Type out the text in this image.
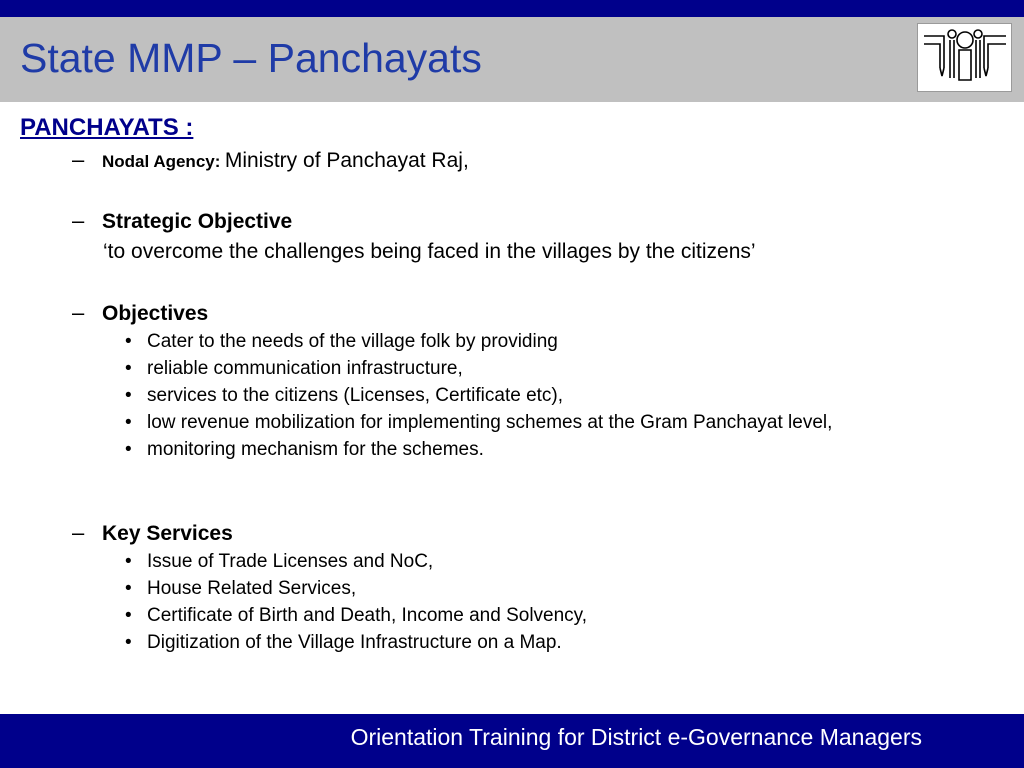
State MMP – Panchayats
PANCHAYATS :
– Nodal Agency: Ministry of Panchayat Raj,
– Strategic Objective
‘to overcome the challenges being faced in the villages by the citizens’
– Objectives
• Cater to the needs of the village folk by providing
• reliable communication infrastructure,
• services to the citizens (Licenses, Certificate etc),
• low revenue mobilization for implementing schemes at the Gram Panchayat level,
• monitoring mechanism for the schemes.
– Key Services
• Issue of Trade Licenses and NoC,
• House Related Services,
• Certificate of Birth and Death, Income and Solvency,
• Digitization of the Village Infrastructure on a Map.

Orientation Training for District e-Governance Managers
